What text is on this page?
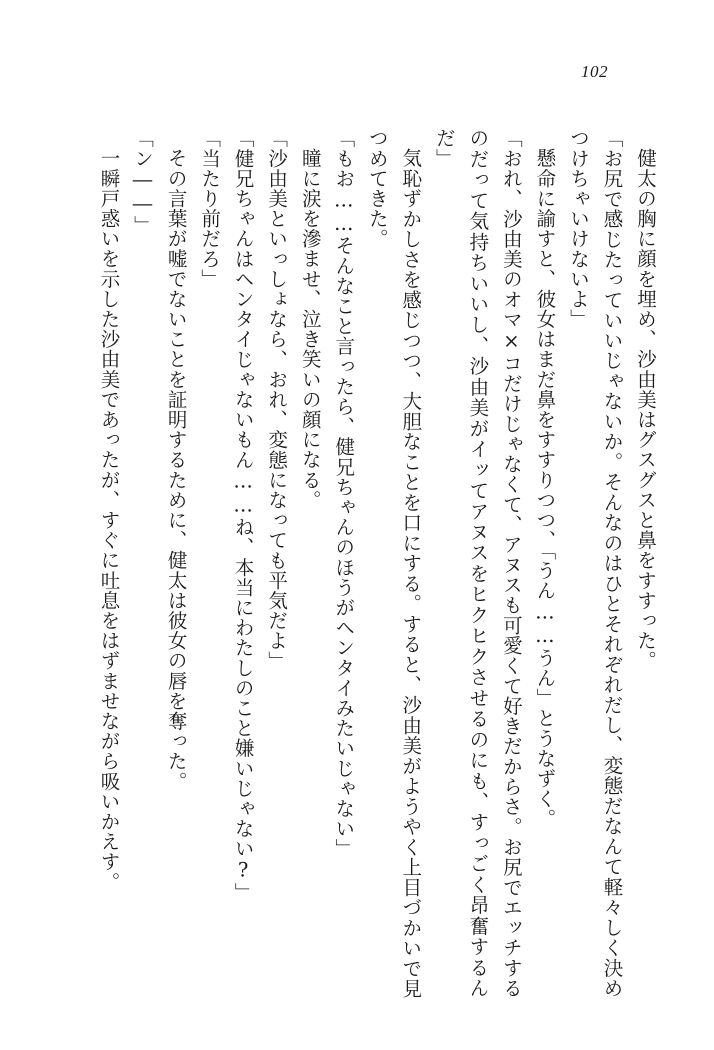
102

健太の胸に顔を埋め、沙由美はグスグスと鼻をすすった。

「お尻で感じたっていいじゃないか。そんなのはひとそれぞれだし、変態だなんて軽々しく決めつけちゃいけないよ」

懸命に諭すと、彼女はまだ鼻をすすりつつ、「うん……うん」とうなずく。

「おれ、沙由美のオマ×コだけじゃなくて、アヌスも可愛くて好きだからさ。お尻でエッチするのだって気持ちいいし、沙由美がイッてアヌスをヒクヒクさせるのにも、すっごく昂奮するんだ」

気恥ずかしさを感じつつ、大胆なことを口にする。すると、沙由美がようやく上目づかいで見つめてきた。

「もお……そんなこと言ったら、健兄ちゃんのほうがヘンタイみたいじゃない」

瞳に涙を滲ませ、泣き笑いの顔になる。

「沙由美といっしょなら、おれ、変態になっても平気だよ」

「健兄ちゃんはヘンタイじゃないもん……ね、本当にわたしのこと嫌いじゃない?」

「当たり前だろ」

その言葉が嘘でないことを証明するために、健太は彼女の唇を奪った。

「ン――」

一瞬戸惑いを示した沙由美であったが、すぐに吐息をはずませながら吸いかえす。
